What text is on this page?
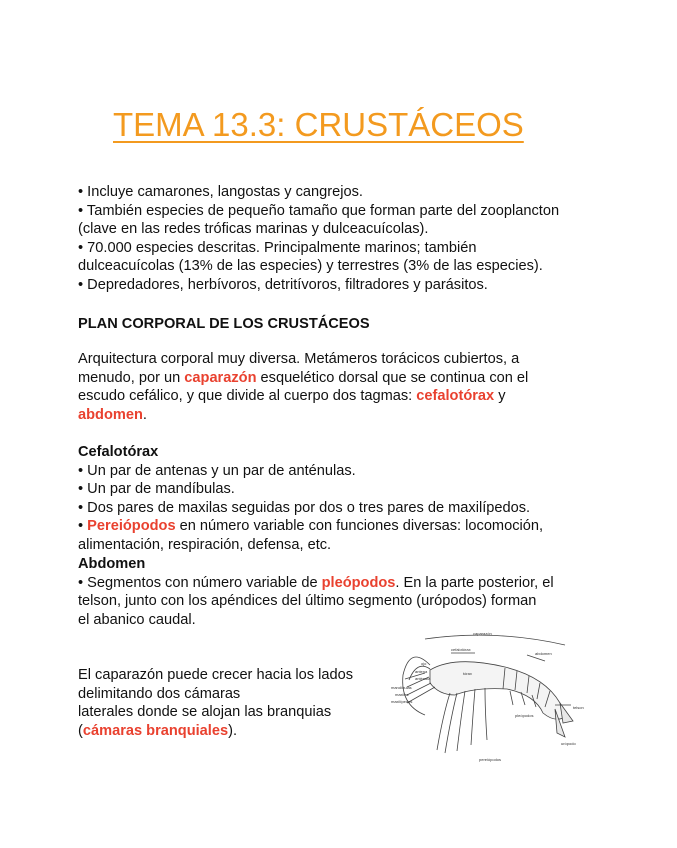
TEMA 13.3: CRUSTÁCEOS

• Incluye camarones, langostas y cangrejos.

• También especies de pequeño tamaño que forman parte del zooplancton

(clave en las redes tróficas marinas y dulceacuícolas).

• 70.000 especies descritas. Principalmente marinos; también

dulceacuícolas (13% de las especies) y terrestres (3% de las especies).

• Depredadores, herbívoros, detritívoros, filtradores y parásitos.

PLAN CORPORAL DE LOS CRUSTÁCEOS

Arquitectura corporal muy diversa. Metámeros torácicos cubiertos, a

menudo, por un caparazón esquelético dorsal que se continua con el

escudo cefálico, y que divide al cuerpo dos tagmas: cefalotórax y

abdomen.

Cefalotórax

• Un par de antenas y un par de anténulas.

• Un par de mandíbulas.

• Dos pares de maxilas seguidas por dos o tres pares de maxilípedos.

• Pereiópodos en número variable con funciones diversas: locomoción,

alimentación, respiración, defensa, etc.

Abdomen

• Segmentos con número variable de pleópodos. En la parte posterior, el

telson, junto con los apéndices del último segmento (urópodos) forman

el abanico caudal.

El caparazón puede crecer hacia los lados

delimitando dos cámaras

laterales donde se alojan las branquias

(cámaras branquiales).

caparazón
cefalotórax
abdomen
ojo
antena
anténula
mandíbulas
maxilas
maxilípedos
tórax
pleópodos
telson
urópodo
pereiópodos
